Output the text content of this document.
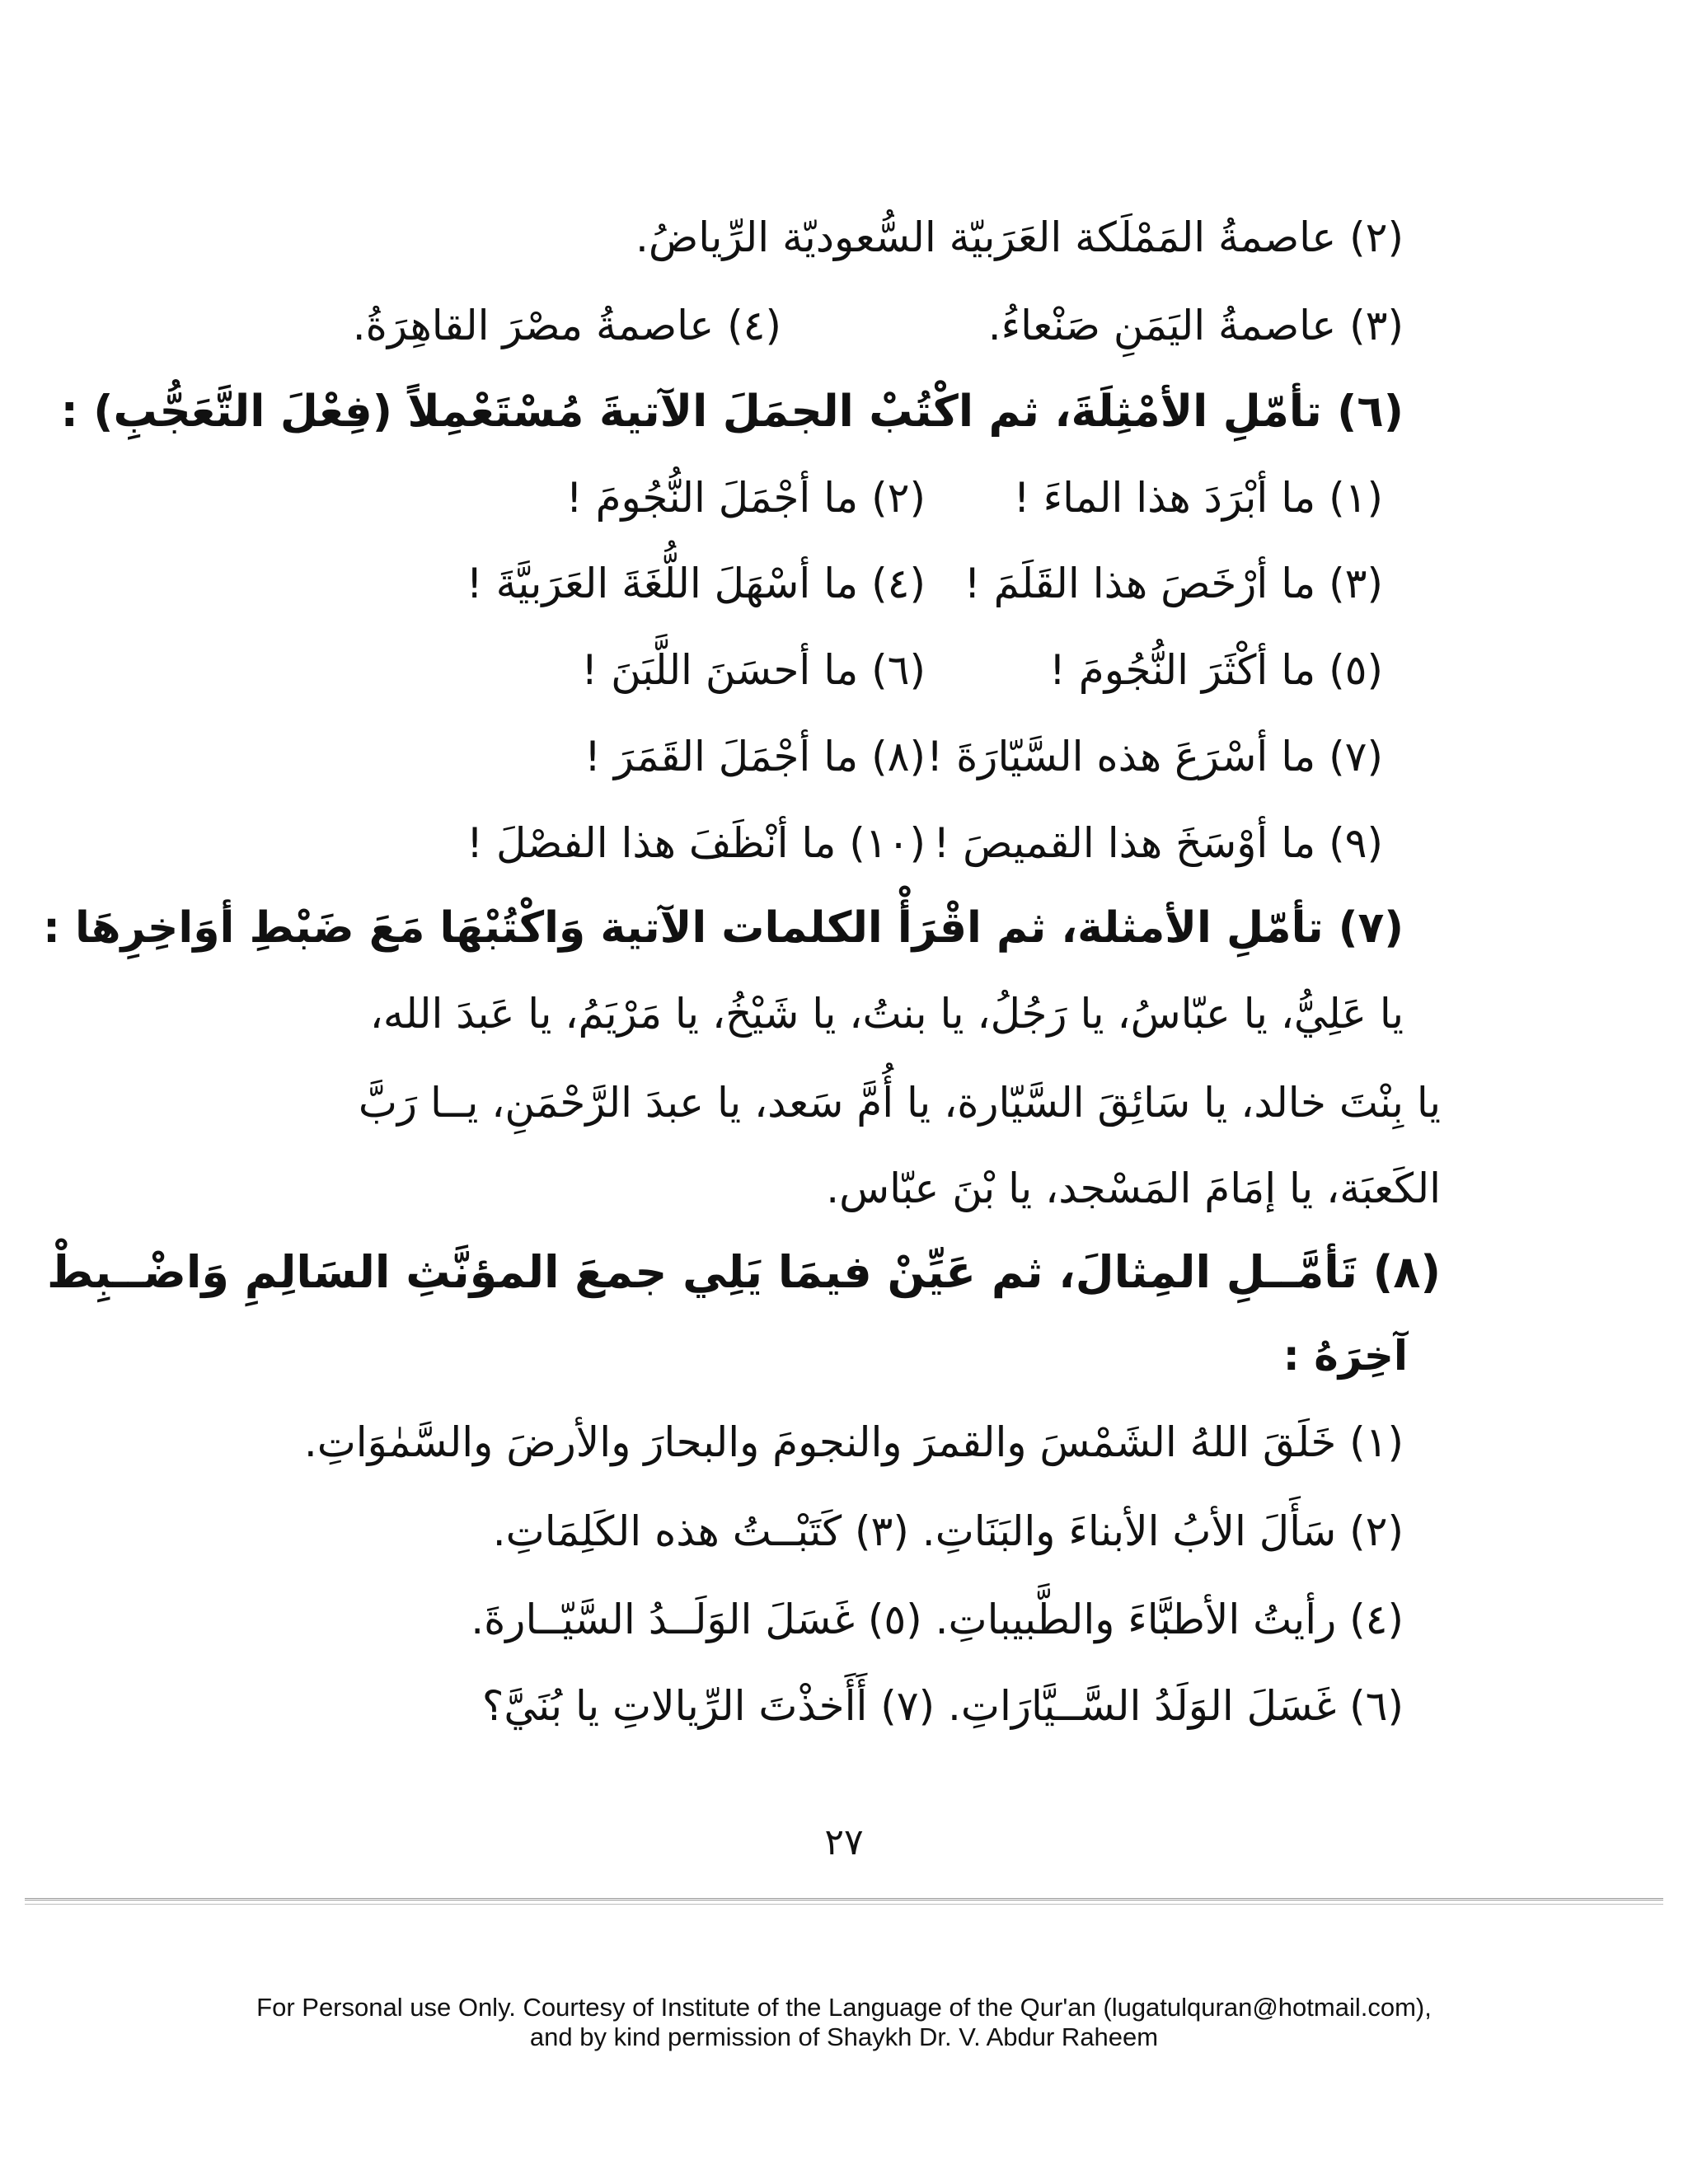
(٢) عاصمةُ المَمْلَكة العَرَبيّة السُّعوديّة الرِّياضُ.
(٣) عاصمةُ اليَمَنِ صَنْعاءُ.
(٤) عاصمةُ مصْرَ القاهِرَةُ.
(٦) تأمّلِ الأمْثِلَةَ، ثم اكْتُبْ الجمَلَ الآتيةَ مُسْتَعْمِلاً (فِعْلَ التَّعَجُّبِ) :
(١) ما أبْرَدَ هذا الماءَ !
(٢) ما أجْمَلَ النُّجُومَ !
(٣) ما أرْخَصَ هذا القَلَمَ !
(٤) ما أسْهَلَ اللُّغَةَ العَرَبيَّةَ !
(٥) ما أكْثَرَ النُّجُومَ !
(٦) ما أحسَنَ اللَّبَنَ !
(٧) ما أسْرَعَ هذه السَّيّارَةَ !
(٨) ما أجْمَلَ القَمَرَ !
(٩) ما أوْسَخَ هذا القميصَ !
(١٠) ما أنْظَفَ هذا الفصْلَ !
(٧) تأمّلِ الأمثلة، ثم اقْرَأْ الكلمات الآتية وَاكْتُبْهَا مَعَ ضَبْطِ أوَاخِرِهَا :
يا عَلِيُّ، يا عبّاسُ، يا رَجُلُ، يا بنتُ، يا شَيْخُ، يا مَرْيَمُ، يا عَبدَ الله،
يا بِنْتَ خالد، يا سَائِقَ السَّيّارة، يا أُمَّ سَعد، يا عبدَ الرَّحْمَنِ، يــا رَبَّ
الكَعبَة، يا إمَامَ المَسْجد، يا بْنَ عبّاس.
(٨) تَأمَّــلِ المِثالَ، ثم عَيِّنْ فيمَا يَلِي جمعَ المؤنَّثِ السَالِمِ وَاضْــبِطْ
آخِرَهُ :
(١) خَلَقَ اللهُ الشَمْسَ والقمرَ والنجومَ والبحارَ والأرضَ والسَّمٰوَاتِ.
(٢) سَأَلَ الأبُ الأبناءَ والبَنَاتِ. (٣) كَتَبْــتُ هذه الكَلِمَاتِ.
(٤) رأيتُ الأطبَّاءَ والطَّبيباتِ. (٥) غَسَلَ الوَلَــدُ السَّيّــارةَ.
(٦) غَسَلَ الوَلَدُ السَّــيَّارَاتِ. (٧) أَأَخذْتَ الرِّيالاتِ يا بُنَيَّ؟
٢٧
For Personal use Only. Courtesy of Institute of the Language of the Qur'an (lugatulquran@hotmail.com),
and by kind permission of Shaykh Dr. V. Abdur Raheem
